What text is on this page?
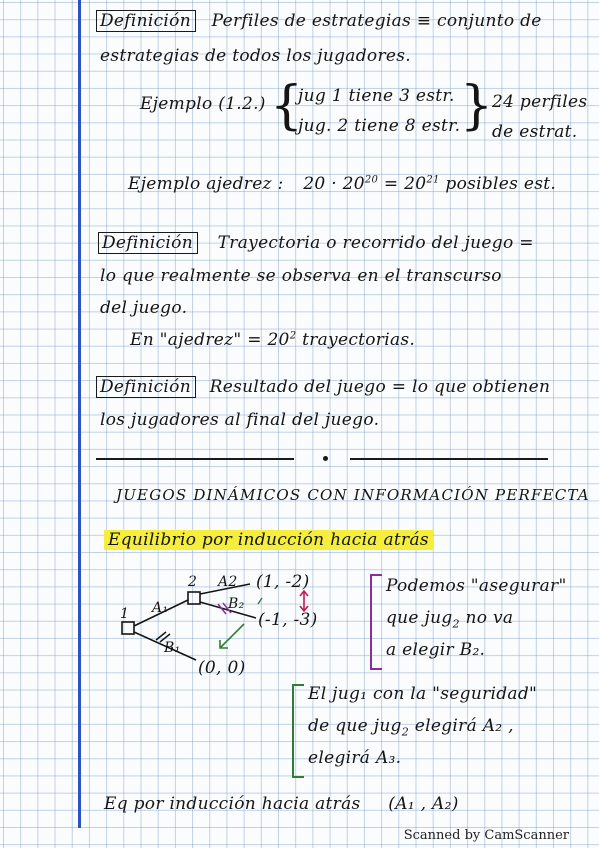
Definición Perfiles de estrategias ≡ conjunto de
estrategias de todos los jugadores.
Ejemplo (1.2.) {
jug 1 tiene 3 estr.
jug. 2 tiene 8 estr. }
24 perfiles
de estrat.
Ejemplo ajedrez : $20 \cdot 20^{20} = 20^{21}$ posibles est.
Definición Trayectoria o recorrido del juego =
lo que realmente se observa en el transcurso
del juego.
En "ajedrez" = $20^2$ trayectorias.
Definición Resultado del juego = lo que obtienen
los jugadores al final del juego.
JUEGOS DINÁMICOS CON INFORMACIÓN PERFECTA
Equilibrio por inducción hacia atrás
1
2
A₁
B₁
A2
B₂
(1, -2)
(-1, -3)
(0, 0)
Podemos "asegurar"
que jug$_2$ no va
a elegir B₂.
El jug₁ con la "seguridad"
de que jug$_2$ elegirá A₂ ,
elegirá A₃.
Eq por inducción hacia atrás (A₁ , A₂)
Scanned by CamScanner
